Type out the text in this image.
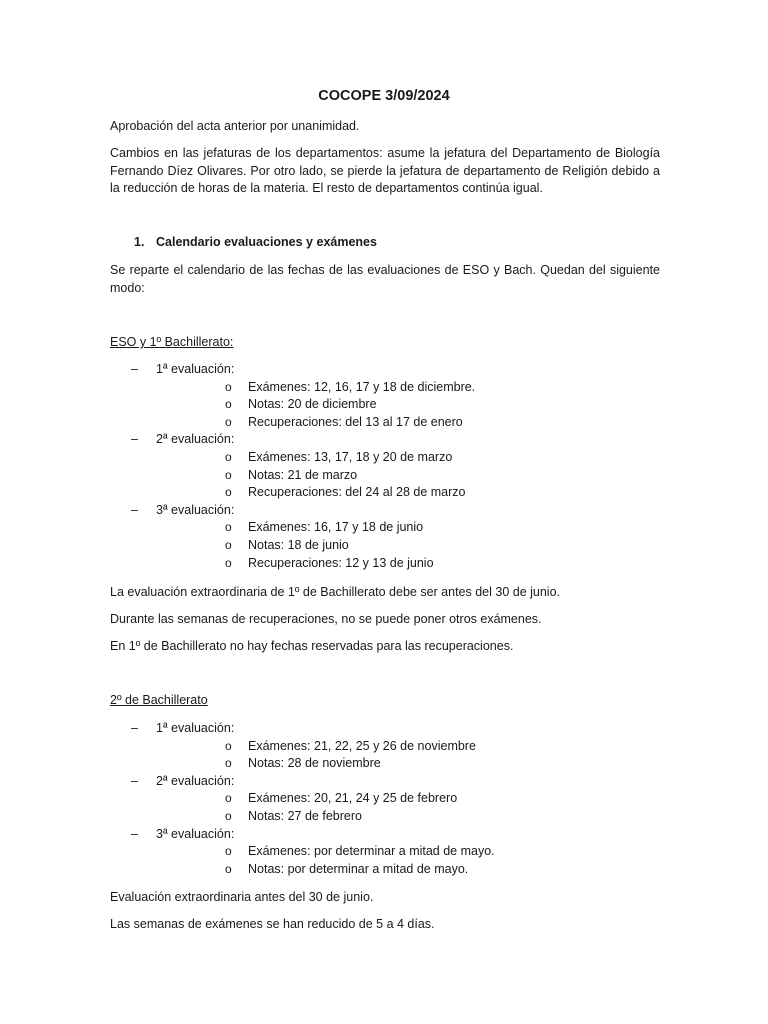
COCOPE 3/09/2024

Aprobación del acta anterior por unanimidad.

Cambios en las jefaturas de los departamentos: asume la jefatura del Departamento de Biología Fernando Díez Olivares. Por otro lado, se pierde la jefatura de departamento de Religión debido a la reducción de horas de la materia. El resto de departamentos continúa igual.

1. Calendario evaluaciones y exámenes

Se reparte el calendario de las fechas de las evaluaciones de ESO y Bach. Quedan del siguiente modo:

ESO y 1º Bachillerato:

– 1ª evaluación:
o Exámenes: 12, 16, 17 y 18 de diciembre.
o Notas: 20 de diciembre
o Recuperaciones: del 13 al 17 de enero
– 2ª evaluación:
o Exámenes: 13, 17, 18 y 20 de marzo
o Notas: 21 de marzo
o Recuperaciones: del 24 al 28 de marzo
– 3ª evaluación:
o Exámenes: 16, 17 y 18 de junio
o Notas: 18 de junio
o Recuperaciones: 12 y 13 de junio

La evaluación extraordinaria de 1º de Bachillerato debe ser antes del 30 de junio.

Durante las semanas de recuperaciones, no se puede poner otros exámenes.

En 1º de Bachillerato no hay fechas reservadas para las recuperaciones.

2º de Bachillerato

– 1ª evaluación:
o Exámenes: 21, 22, 25 y 26 de noviembre
o Notas: 28 de noviembre
– 2ª evaluación:
o Exámenes: 20, 21, 24 y 25 de febrero
o Notas: 27 de febrero
– 3ª evaluación:
o Exámenes: por determinar a mitad de mayo.
o Notas: por determinar a mitad de mayo.

Evaluación extraordinaria antes del 30 de junio.

Las semanas de exámenes se han reducido de 5 a 4 días.
